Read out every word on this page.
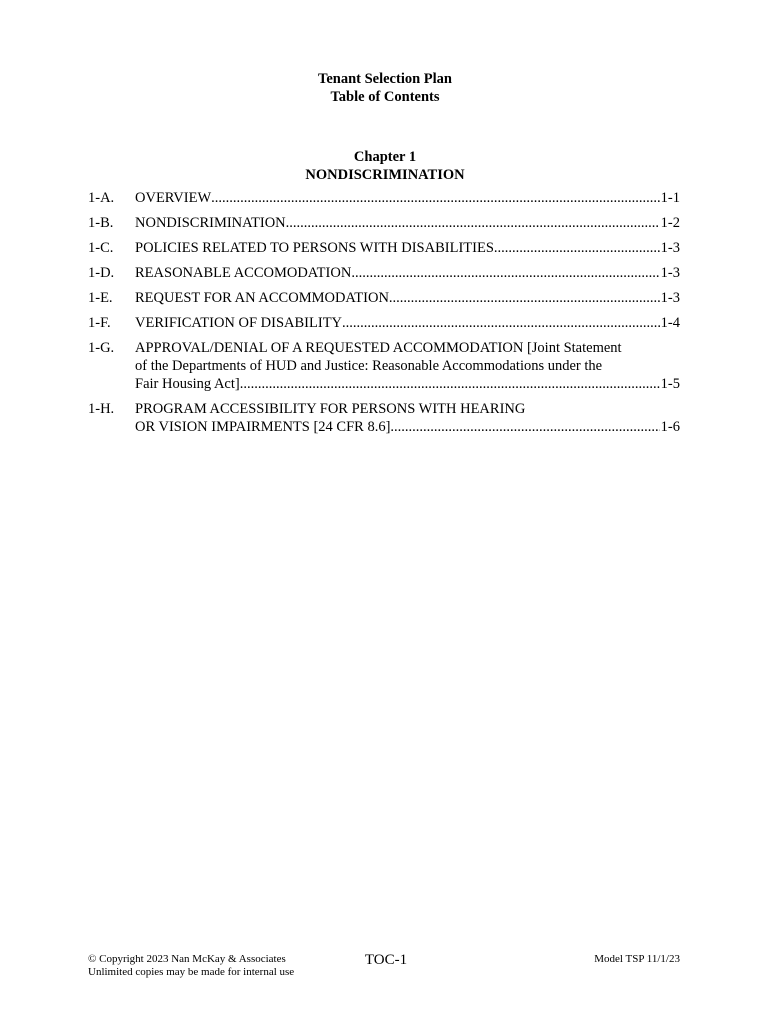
Tenant Selection Plan
Table of Contents
Chapter 1
NONDISCRIMINATION
1-A.	OVERVIEW .....	1-1
1-B.	NONDISCRIMINATION .....	1-2
1-C.	POLICIES RELATED TO PERSONS WITH DISABILITIES .....	1-3
1-D.	REASONABLE ACCOMODATION .....	1-3
1-E.	REQUEST FOR AN ACCOMMODATION .....	1-3
1-F.	VERIFICATION OF DISABILITY .....	1-4
1-G.	APPROVAL/DENIAL OF A REQUESTED ACCOMMODATION [Joint Statement
of the Departments of HUD and Justice: Reasonable Accommodations under the
Fair Housing Act] .....	1-5
1-H.	PROGRAM ACCESSIBILITY FOR PERSONS WITH HEARING
OR VISION IMPAIRMENTS [24 CFR 8.6] .....	1-6
© Copyright 2023 Nan McKay & Associates
Unlimited copies may be made for internal use
TOC-1	Model TSP 11/1/23
